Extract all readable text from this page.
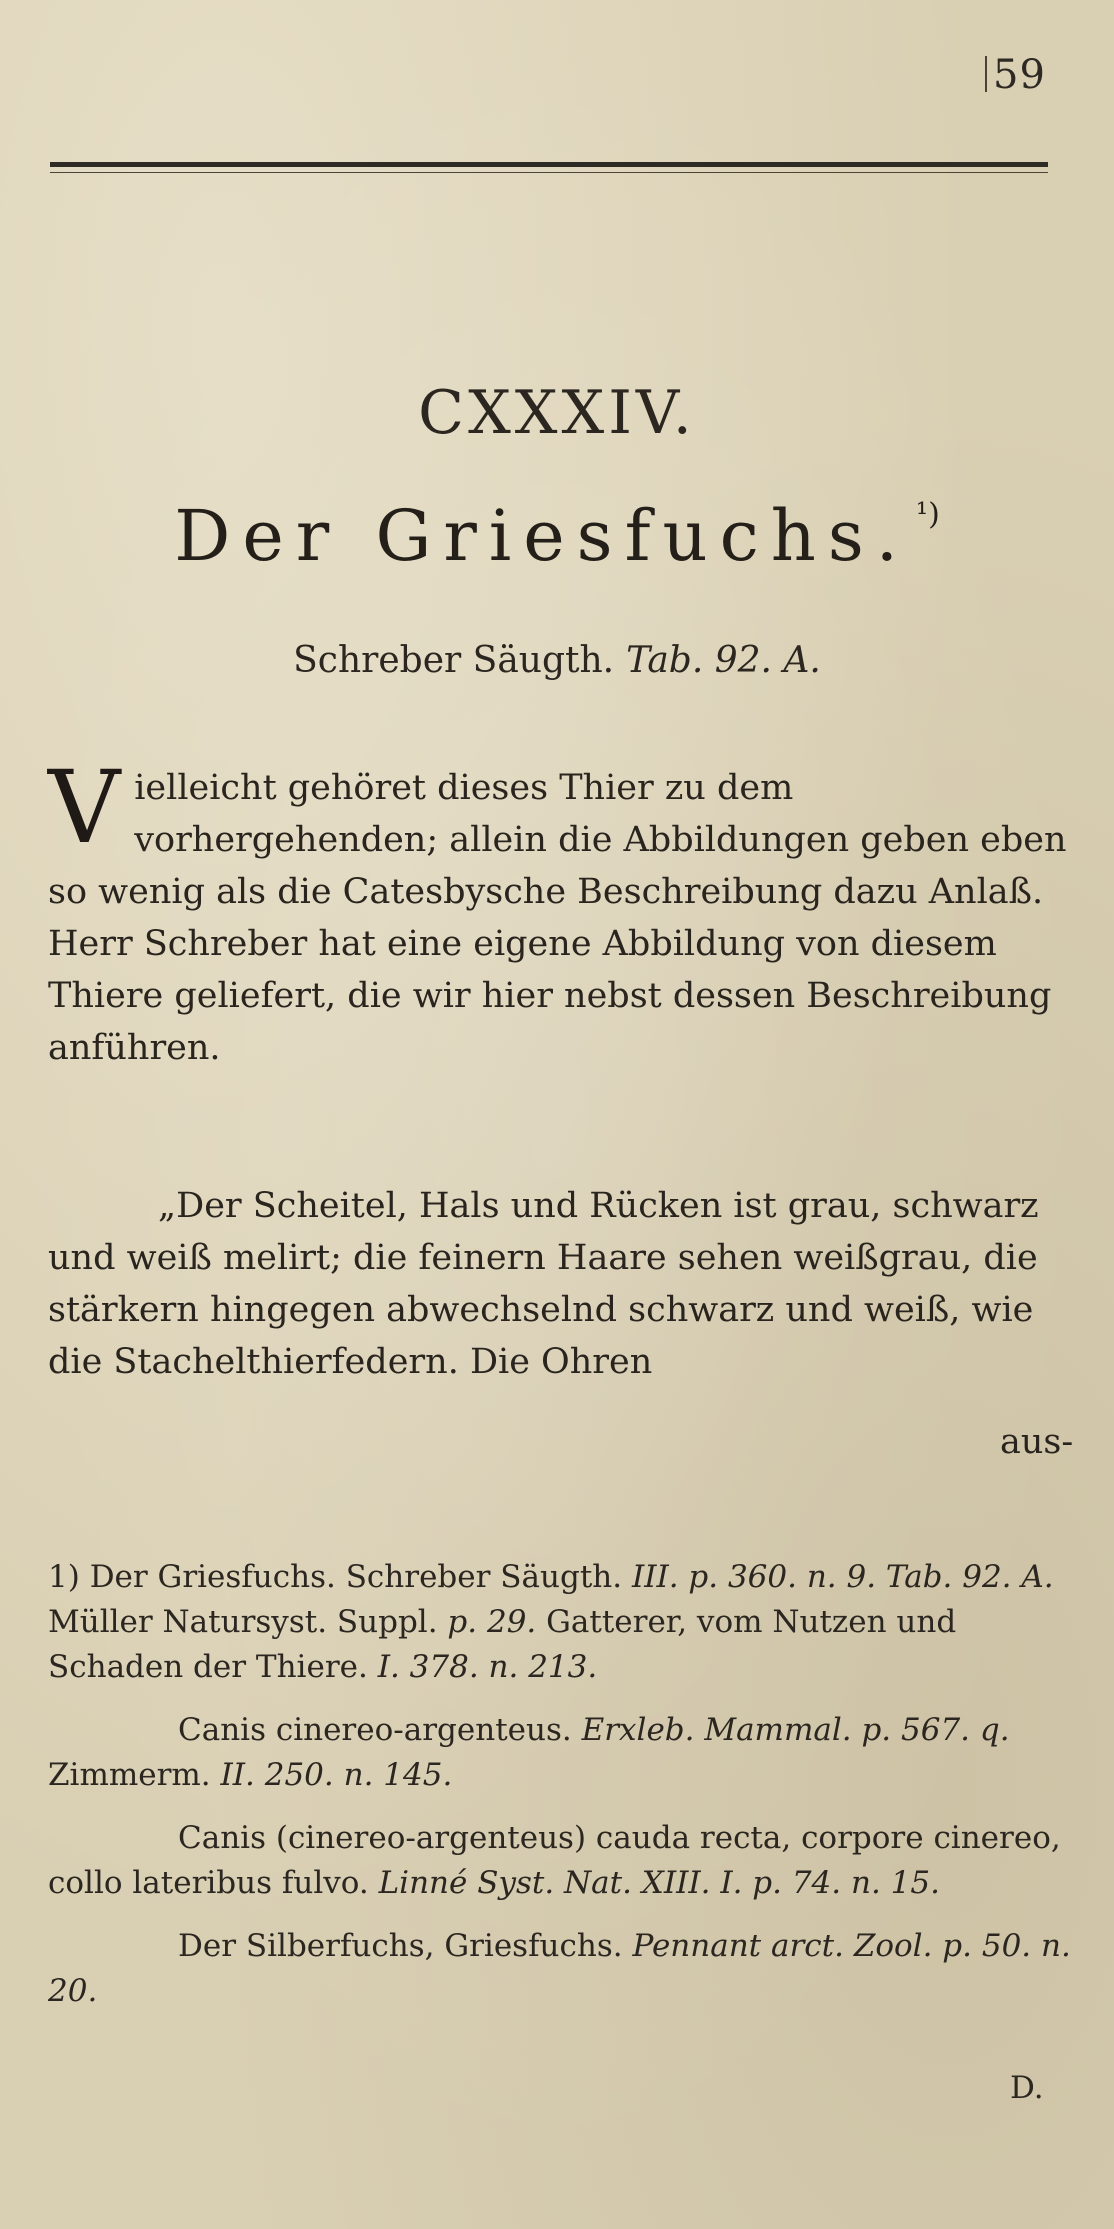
59
CXXXIV.
Der Griesfuchs. $^{^1)}$
Schreber Säugth. Tab. 92. A.
Vielleicht gehöret dieses Thier zu dem vorhergehenden; allein die Abbildungen geben eben so wenig als die Catesbysche Beschreibung dazu Anlaß. Herr Schreber hat eine eigene Abbildung von diesem Thiere geliefert, die wir hier nebst dessen Beschreibung anführen.
„Der Scheitel, Hals und Rücken ist grau, schwarz und weiß melirt; die feinern Haare sehen weißgrau, die stärkern hingegen abwechselnd schwarz und weiß, wie die Stachelthierfedern. Die Ohren
aus-
1) Der Griesfuchs. Schreber Säugth. III. p. 360. n. 9. Tab. 92. A. Müller Natursyst. Suppl. p. 29. Gatterer, vom Nutzen und Schaden der Thiere. I. 378. n. 213.
Canis cinereo-argenteus. Erxleb. Mammal. p. 567. q. Zimmerm. II. 250. n. 145.
Canis (cinereo-argenteus) cauda recta, corpore cinereo, collo lateribus fulvo. Linné Syst. Nat. XIII. I. p. 74. n. 15.
Der Silberfuchs, Griesfuchs. Pennant arct. Zool. p. 50. n. 20.
D.
